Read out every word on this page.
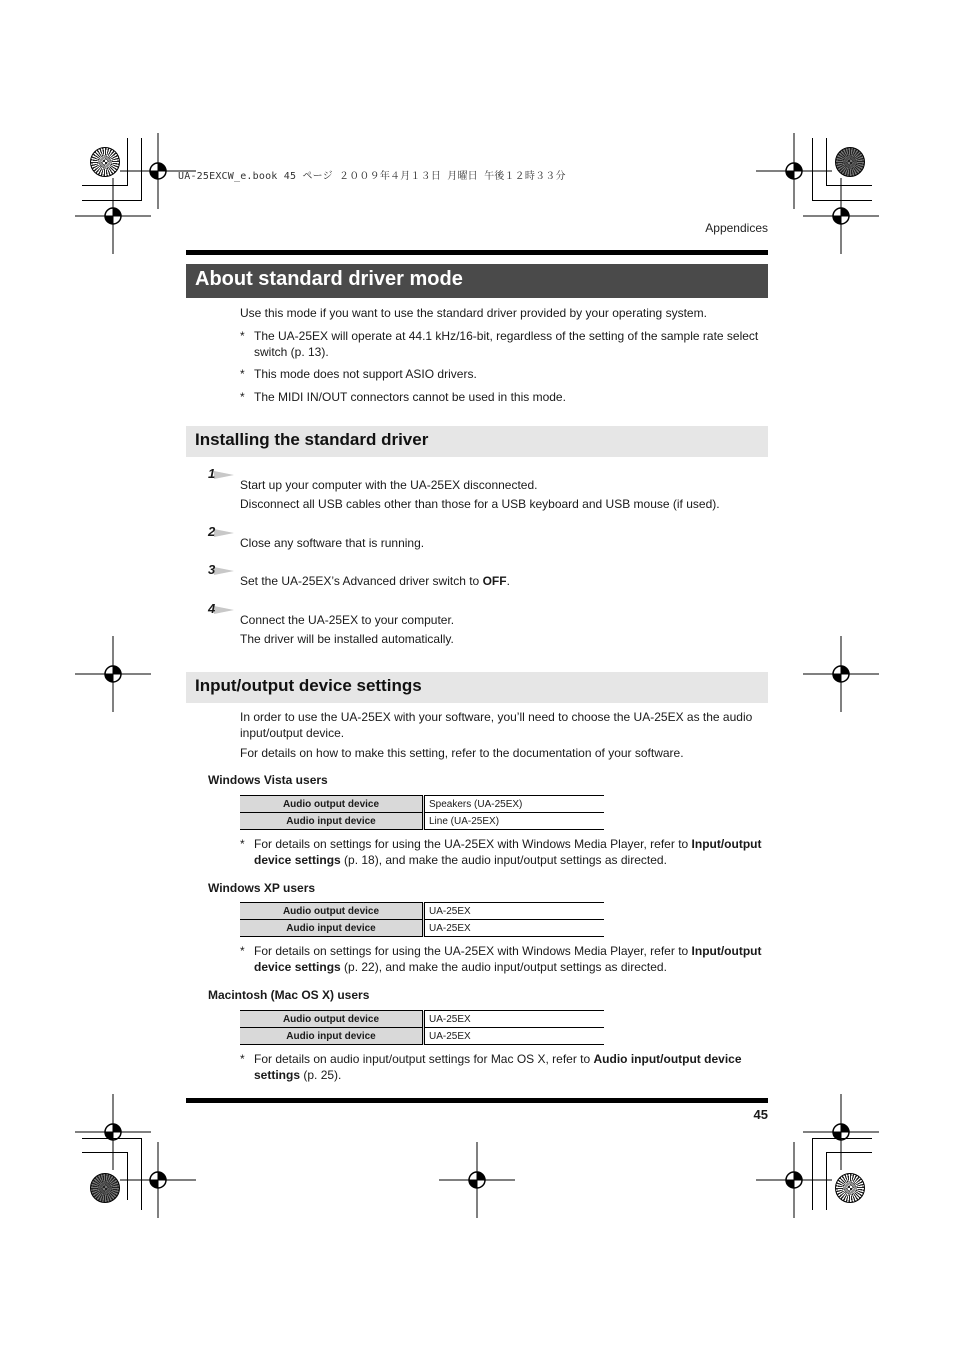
UA-25EXCW_e.book 45 ページ ２００９年４月１３日 月曜日 午後１２時３３分
Appendices
About standard driver mode
Use this mode if you want to use the standard driver provided by your operating system.
* The UA-25EX will operate at 44.1 kHz/16-bit, regardless of the setting of the sample rate select switch (p. 13).
* This mode does not support ASIO drivers.
* The MIDI IN/OUT connectors cannot be used in this mode.
Installing the standard driver
1
Start up your computer with the UA-25EX disconnected.
Disconnect all USB cables other than those for a USB keyboard and USB mouse (if used).
2
Close any software that is running.
3
Set the UA-25EX’s Advanced driver switch to OFF.
4
Connect the UA-25EX to your computer.
The driver will be installed automatically.
Input/output device settings
In order to use the UA-25EX with your software, you’ll need to choose the UA-25EX as the audio input/output device.
For details on how to make this setting, refer to the documentation of your software.
Windows Vista users
Audio output device	Speakers (UA-25EX)
Audio input device	Line (UA-25EX)
* For details on settings for using the UA-25EX with Windows Media Player, refer to Input/output device settings (p. 18), and make the audio input/output settings as directed.
Windows XP users
Audio output device	UA-25EX
Audio input device	UA-25EX
* For details on settings for using the UA-25EX with Windows Media Player, refer to Input/output device settings (p. 22), and make the audio input/output settings as directed.
Macintosh (Mac OS X) users
Audio output device	UA-25EX
Audio input device	UA-25EX
* For details on audio input/output settings for Mac OS X, refer to Audio input/output device settings (p. 25).
45
